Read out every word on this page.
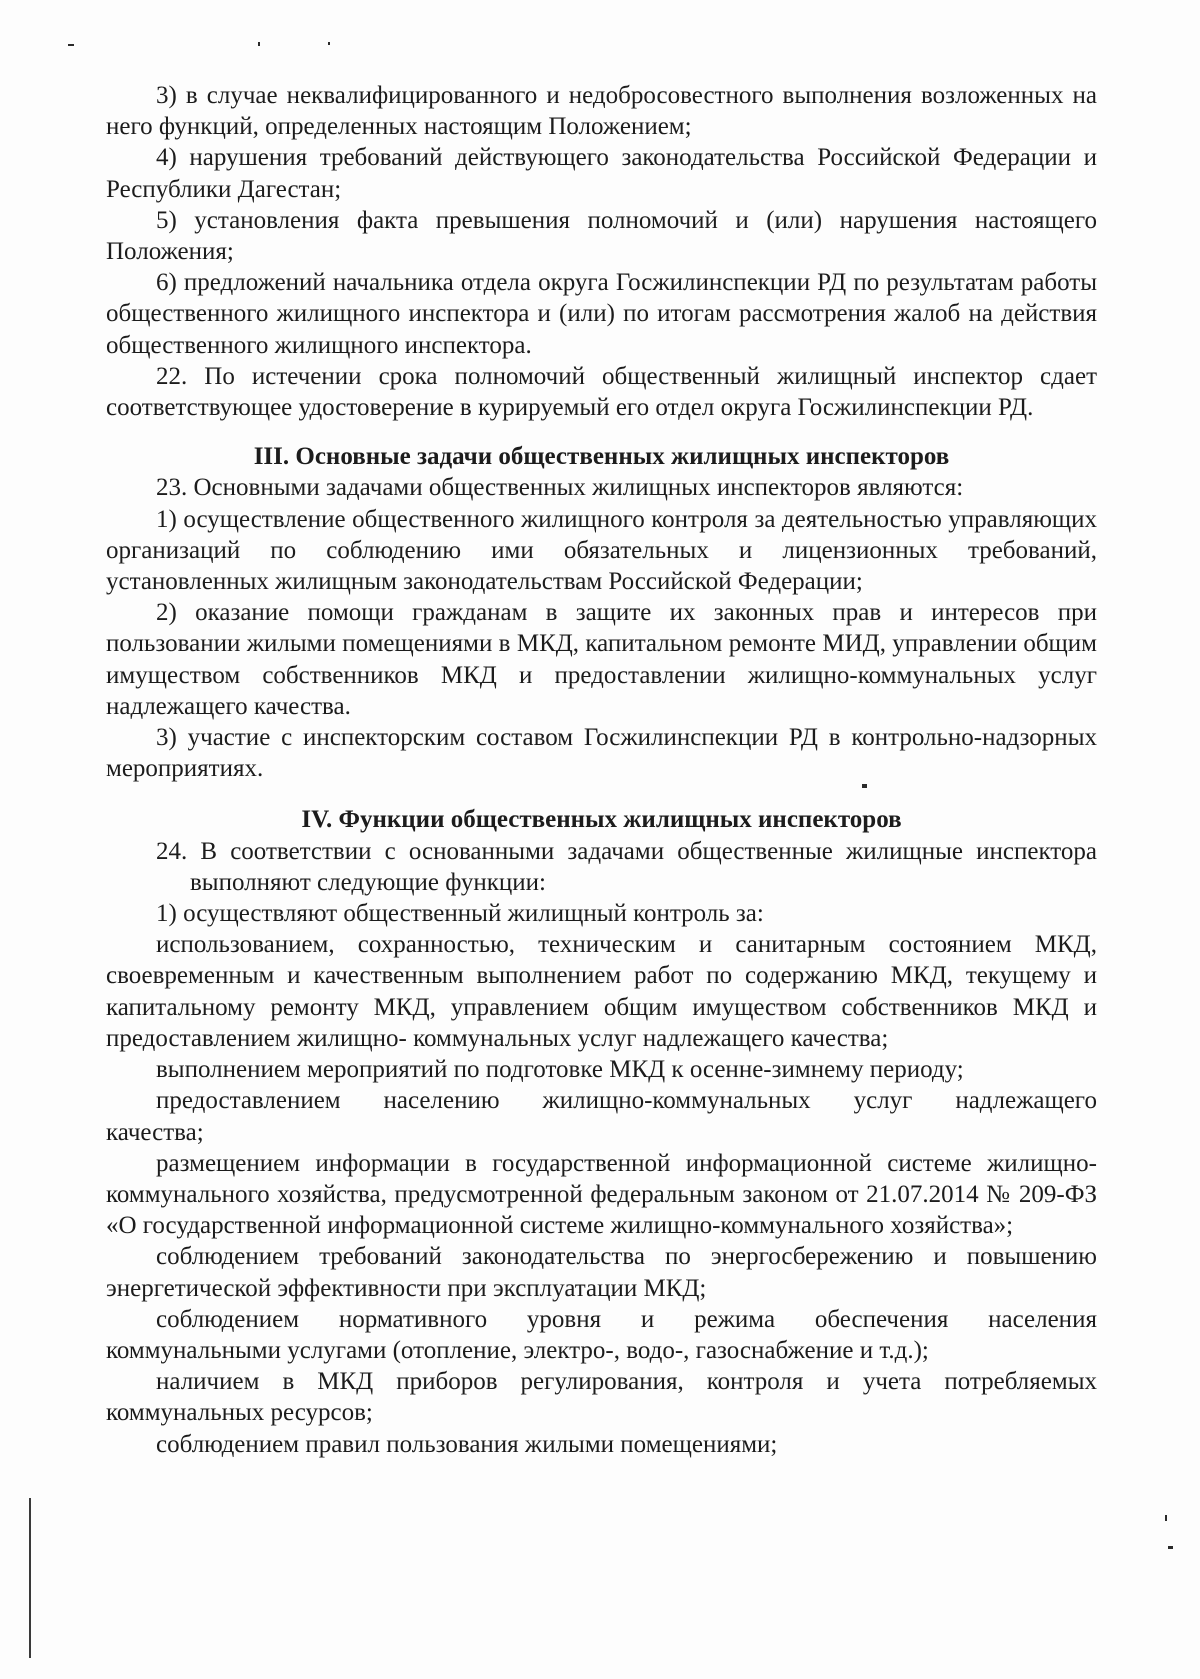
3) в случае неквалифицированного и недобросовестного выполнения возложенных на него функций, определенных настоящим Положением;

4) нарушения требований действующего законодательства Российской Федерации и Республики Дагестан;

5) установления факта превышения полномочий и (или) нарушения настоящего Положения;

6) предложений начальника отдела округа Госжилинспекции РД по результатам работы общественного жилищного инспектора и (или) по итогам рассмотрения жалоб на действия общественного жилищного инспектора.

22. По истечении срока полномочий общественный жилищный инспектор сдает соответствующее удостоверение в курируемый его отдел округа Госжилинспекции РД.

III. Основные задачи общественных жилищных инспекторов

23. Основными задачами общественных жилищных инспекторов являются:

1) осуществление общественного жилищного контроля за деятельностью управляющих организаций по соблюдению ими обязательных и лицензионных требований, установленных жилищным законодательствам Российской Федерации;

2) оказание помощи гражданам в защите их законных прав и интересов при пользовании жилыми помещениями в МКД, капитальном ремонте МИД, управлении общим имуществом собственников МКД и предоставлении жилищно-коммунальных услуг надлежащего качества.

3) участие с инспекторским составом Госжилинспекции РД в контрольно-надзорных мероприятиях.

IV. Функции общественных жилищных инспекторов

24. В соответствии с основанными задачами общественные жилищные инспектора выполняют следующие функции:

1) осуществляют общественный жилищный контроль за:

использованием, сохранностью, техническим и санитарным состоянием МКД, своевременным и качественным выполнением работ по содержанию МКД, текущему и капитальному ремонту МКД, управлением общим имуществом собственников МКД и предоставлением жилищно- коммунальных услуг надлежащего качества;

выполнением мероприятий по подготовке МКД к осенне-зимнему периоду;

предоставлением населению жилищно-коммунальных услуг надлежащего

качества;

размещением информации в государственной информационной системе жилищно-коммунального хозяйства, предусмотренной федеральным законом от 21.07.2014 № 209-ФЗ «О государственной информационной системе жилищно-коммунального хозяйства»;

соблюдением требований законодательства по энергосбережению и повышению энергетической эффективности при эксплуатации МКД;

соблюдением нормативного уровня и режима обеспечения населения

коммунальными услугами (отопление, электро-, водо-, газоснабжение и т.д.);

наличием в МКД приборов регулирования, контроля и учета потребляемых коммунальных ресурсов;

соблюдением правил пользования жилыми помещениями;
